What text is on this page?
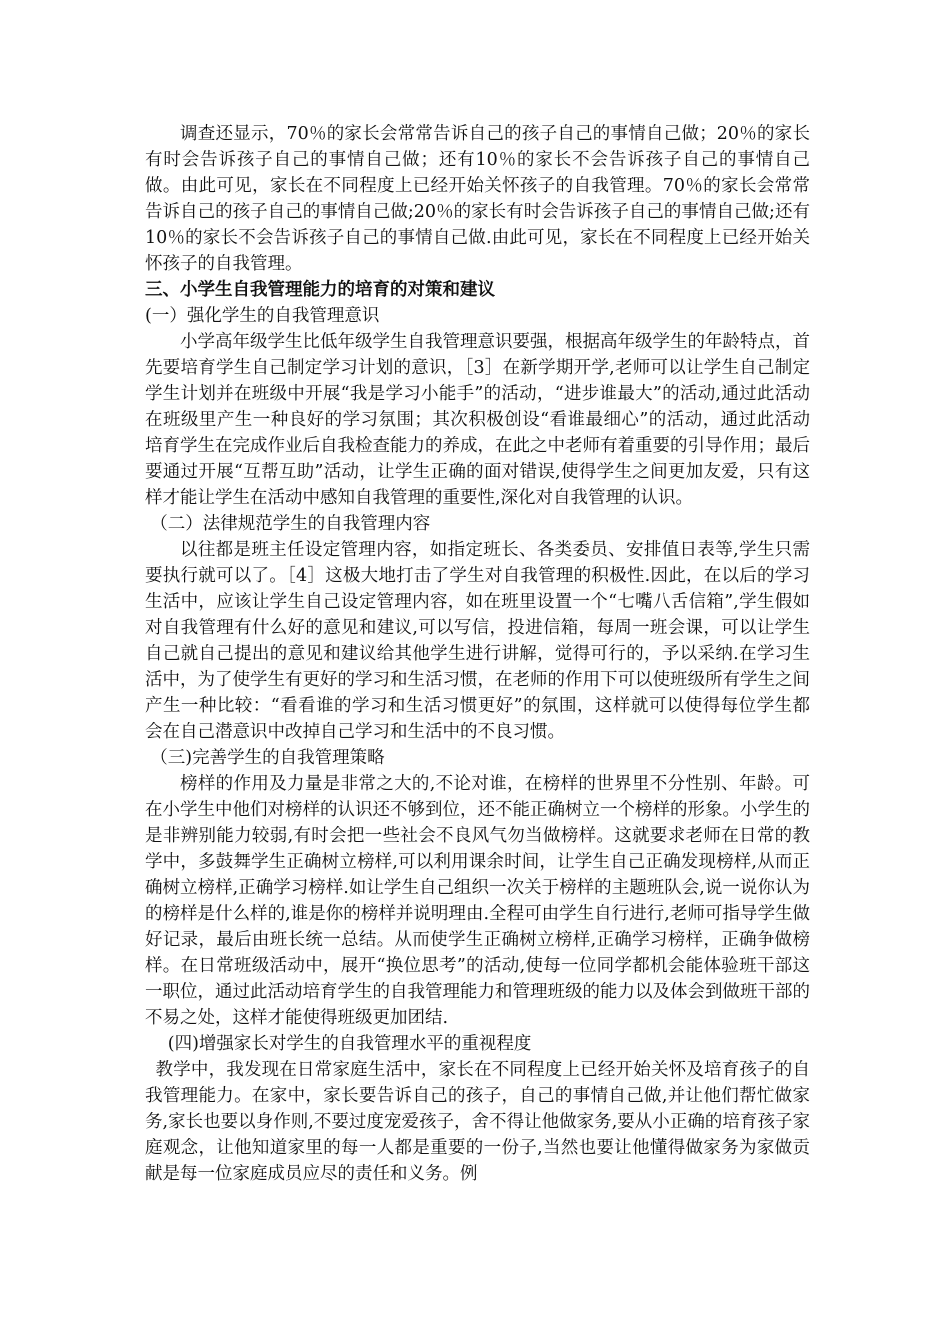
调查还显示，70％的家长会常常告诉自己的孩子自己的事情自己做；20％的家长有时会告诉孩子自己的事情自己做；还有10％的家长不会告诉孩子自己的事情自己做。由此可见，家长在不同程度上已经开始关怀孩子的自我管理。70％的家长会常常告诉自己的孩子自己的事情自己做;20％的家长有时会告诉孩子自己的事情自己做;还有10％的家长不会告诉孩子自己的事情自己做.由此可见，家长在不同程度上已经开始关怀孩子的自我管理。

三、小学生自我管理能力的培育的对策和建议

(一）强化学生的自我管理意识

小学高年级学生比低年级学生自我管理意识要强，根据高年级学生的年龄特点，首先要培育学生自己制定学习计划的意识，［3］在新学期开学,老师可以让学生自己制定学生计划并在班级中开展“我是学习小能手”的活动，“进步谁最大”的活动,通过此活动在班级里产生一种良好的学习氛围；其次积极创设“看谁最细心”的活动，通过此活动培育学生在完成作业后自我检查能力的养成，在此之中老师有着重要的引导作用；最后要通过开展“互帮互助”活动，让学生正确的面对错误,使得学生之间更加友爱，只有这样才能让学生在活动中感知自我管理的重要性,深化对自我管理的认识。

（二）法律规范学生的自我管理内容

以往都是班主任设定管理内容，如指定班长、各类委员、安排值日表等,学生只需要执行就可以了。［4］这极大地打击了学生对自我管理的积极性.因此，在以后的学习生活中，应该让学生自己设定管理内容，如在班里设置一个“七嘴八舌信箱”,学生假如对自我管理有什么好的意见和建议,可以写信，投进信箱，每周一班会课，可以让学生自己就自己提出的意见和建议给其他学生进行讲解，觉得可行的，予以采纳.在学习生活中，为了使学生有更好的学习和生活习惯，在老师的作用下可以使班级所有学生之间产生一种比较：“看看谁的学习和生活习惯更好”的氛围，这样就可以使得每位学生都会在自己潜意识中改掉自己学习和生活中的不良习惯。

（三)完善学生的自我管理策略

榜样的作用及力量是非常之大的,不论对谁，在榜样的世界里不分性别、年龄。可在小学生中他们对榜样的认识还不够到位，还不能正确树立一个榜样的形象。小学生的是非辨别能力较弱,有时会把一些社会不良风气勿当做榜样。这就要求老师在日常的教学中，多鼓舞学生正确树立榜样,可以利用课余时间，让学生自己正确发现榜样,从而正确树立榜样,正确学习榜样.如让学生自己组织一次关于榜样的主题班队会,说一说你认为的榜样是什么样的,谁是你的榜样并说明理由.全程可由学生自行进行,老师可指导学生做好记录，最后由班长统一总结。从而使学生正确树立榜样,正确学习榜样，正确争做榜样。在日常班级活动中，展开“换位思考”的活动,使每一位同学都机会能体验班干部这一职位，通过此活动培育学生的自我管理能力和管理班级的能力以及体会到做班干部的不易之处，这样才能使得班级更加团结.

(四)增强家长对学生的自我管理水平的重视程度

教学中，我发现在日常家庭生活中，家长在不同程度上已经开始关怀及培育孩子的自我管理能力。在家中，家长要告诉自己的孩子，自己的事情自己做,并让他们帮忙做家务,家长也要以身作则,不要过度宠爱孩子，舍不得让他做家务,要从小正确的培育孩子家庭观念，让他知道家里的每一人都是重要的一份子,当然也要让他懂得做家务为家做贡献是每一位家庭成员应尽的责任和义务。例
